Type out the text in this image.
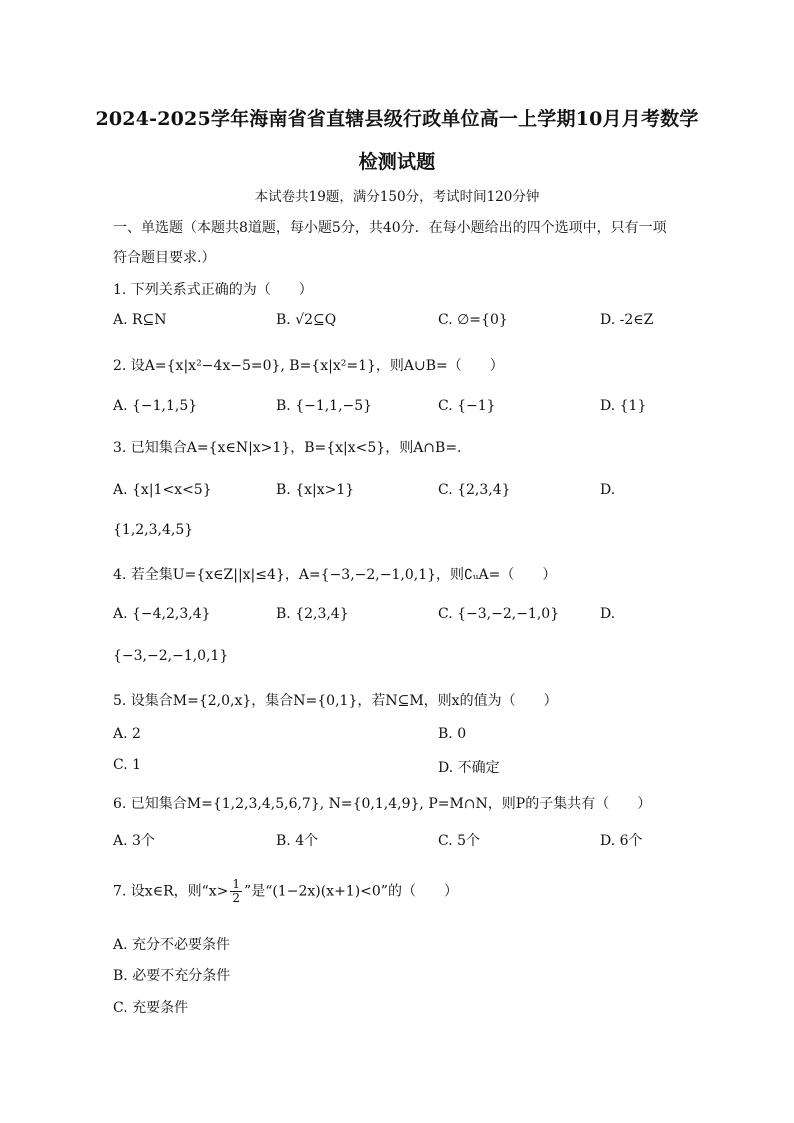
2024-2025学年海南省省直辖县级行政单位高一上学期10月月考数学
检测试题
本试卷共19题，满分150分，考试时间120分钟
一、单选题（本题共8道题，每小题5分，共40分．在每小题给出的四个选项中，只有一项
符合题目要求.）
1. 下列关系式正确的为（　　）
A. R⊆N	B. √2⊆Q	C. ∅={0}	D. -2∈Z
2. 设A={x|x²−4x−5=0}, B={x|x²=1}，则A∪B=（　　）
A. {−1,1,5}	B. {−1,1,−5}	C. {−1}	D. {1}
3. 已知集合A={x∈N|x>1}，B={x|x<5}，则A∩B=.
A. {x|1<x<5}	B. {x|x>1}	C. {2,3,4}	D.
{1,2,3,4,5}
4. 若全集U={x∈Z||x|≤4}，A={−3,−2,−1,0,1}，则∁ᵤA=（　　）
A. {−4,2,3,4}	B. {2,3,4}	C. {−3,−2,−1,0}	D.
{−3,−2,−1,0,1}
5. 设集合M={2,0,x}，集合N={0,1}，若N⊆M，则x的值为（　　）
A. 2	B. 0
C. 1	D. 不确定
6. 已知集合M={1,2,3,4,5,6,7}, N={0,1,4,9}, P=M∩N，则P的子集共有（　　）
A. 3个	B. 4个	C. 5个	D. 6个
7. 设x∈R，则“$x> \frac{1}{2}$ ”是“(1−2x)(x+1)<0”的（　　）
A. 充分不必要条件
B. 必要不充分条件
C. 充要条件
